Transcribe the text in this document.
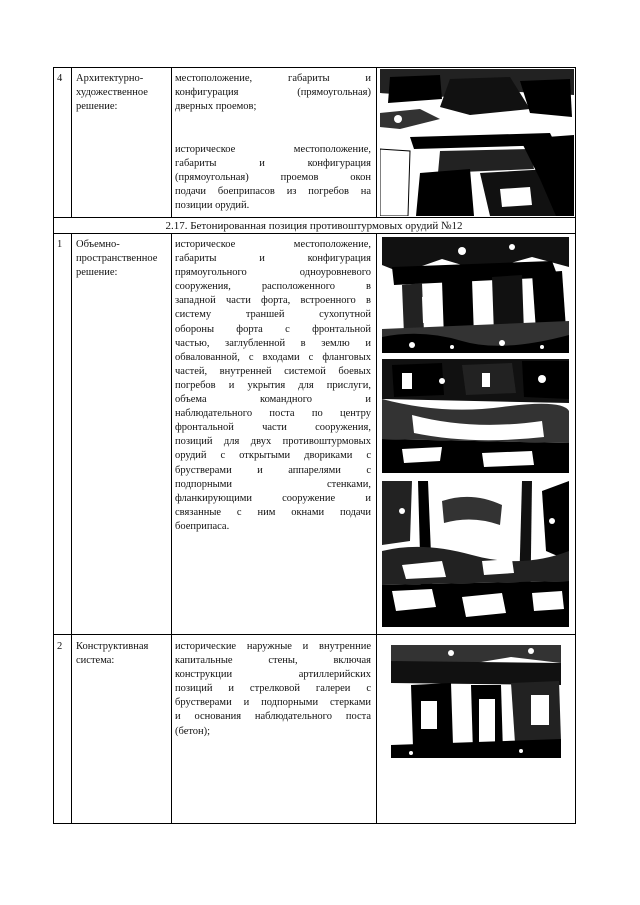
4 Архитектурно-
художественное
решение:
местоположение, габариты и
конфигурация (прямоугольная)
дверных проемов;
историческое местоположение,
габариты и конфигурация
(прямоугольная) проемов окон
подачи боеприпасов из погребов на
позиции орудий.
2.17. Бетонированная позиция противоштурмовых орудий №12
1 Объемно-
пространственное
решение:
историческое местоположение,
габариты и конфигурация
прямоугольного одноуровневого
сооружения, расположенного в
западной части форта, встроенного в
систему траншей сухопутной
обороны форта с фронтальной
частью, заглубленной в землю и
обвалованной, с входами с фланговых
частей, внутренней системой боевых
погребов и укрытия для прислуги,
объема командного и
наблюдательного поста по центру
фронтальной части сооружения,
позиций для двух противоштурмовых
орудий с открытыми двориками с
брустверами и аппарелями с
подпорными стенками,
фланкирующими сооружение и
связанные с ним окнами подачи
боеприпаса.
2 Конструктивная
система:
исторические наружные и внутренние
капитальные стены, включая
конструкции артиллерийских
позиций и стрелковой галереи с
брустверами и подпорными стерками
и основания наблюдательного поста
(бетон);
